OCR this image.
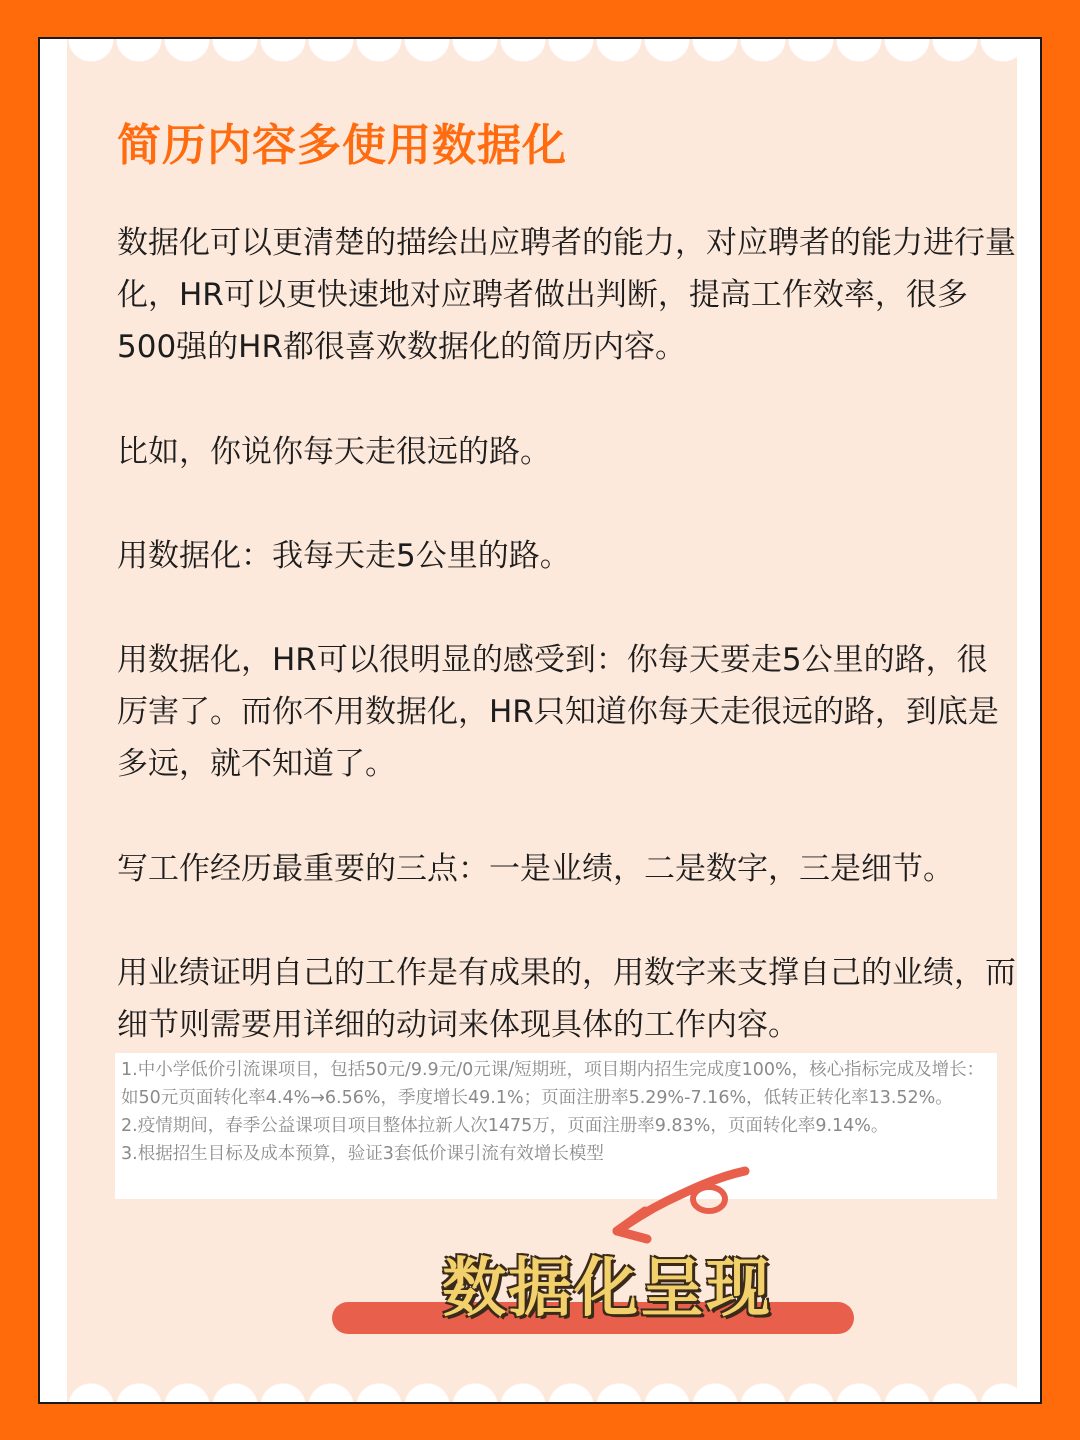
简历内容多使用数据化

数据化可以更清楚的描绘出应聘者的能力，对应聘者的能力进行量化，HR可以更快速地对应聘者做出判断，提高工作效率，很多500强的HR都很喜欢数据化的简历内容。

比如，你说你每天走很远的路。

用数据化：我每天走5公里的路。

用数据化，HR可以很明显的感受到：你每天要走5公里的路，很厉害了。而你不用数据化，HR只知道你每天走很远的路，到底是多远，就不知道了。

写工作经历最重要的三点：一是业绩，二是数字，三是细节。

用业绩证明自己的工作是有成果的，用数字来支撑自己的业绩，而细节则需要用详细的动词来体现具体的工作内容。

1.中小学低价引流课项目，包括50元/9.9元/0元课/短期班，项目期内招生完成度100%，核心指标完成及增长：如50元页面转化率4.4%→6.56%，季度增长49.1%；页面注册率5.29%-7.16%，低转正转化率13.52%。

2.疫情期间，春季公益课项目项目整体拉新人次1475万，页面注册率9.83%，页面转化率9.14%。

3.根据招生目标及成本预算，验证3套低价课引流有效增长模型

数据化呈现
